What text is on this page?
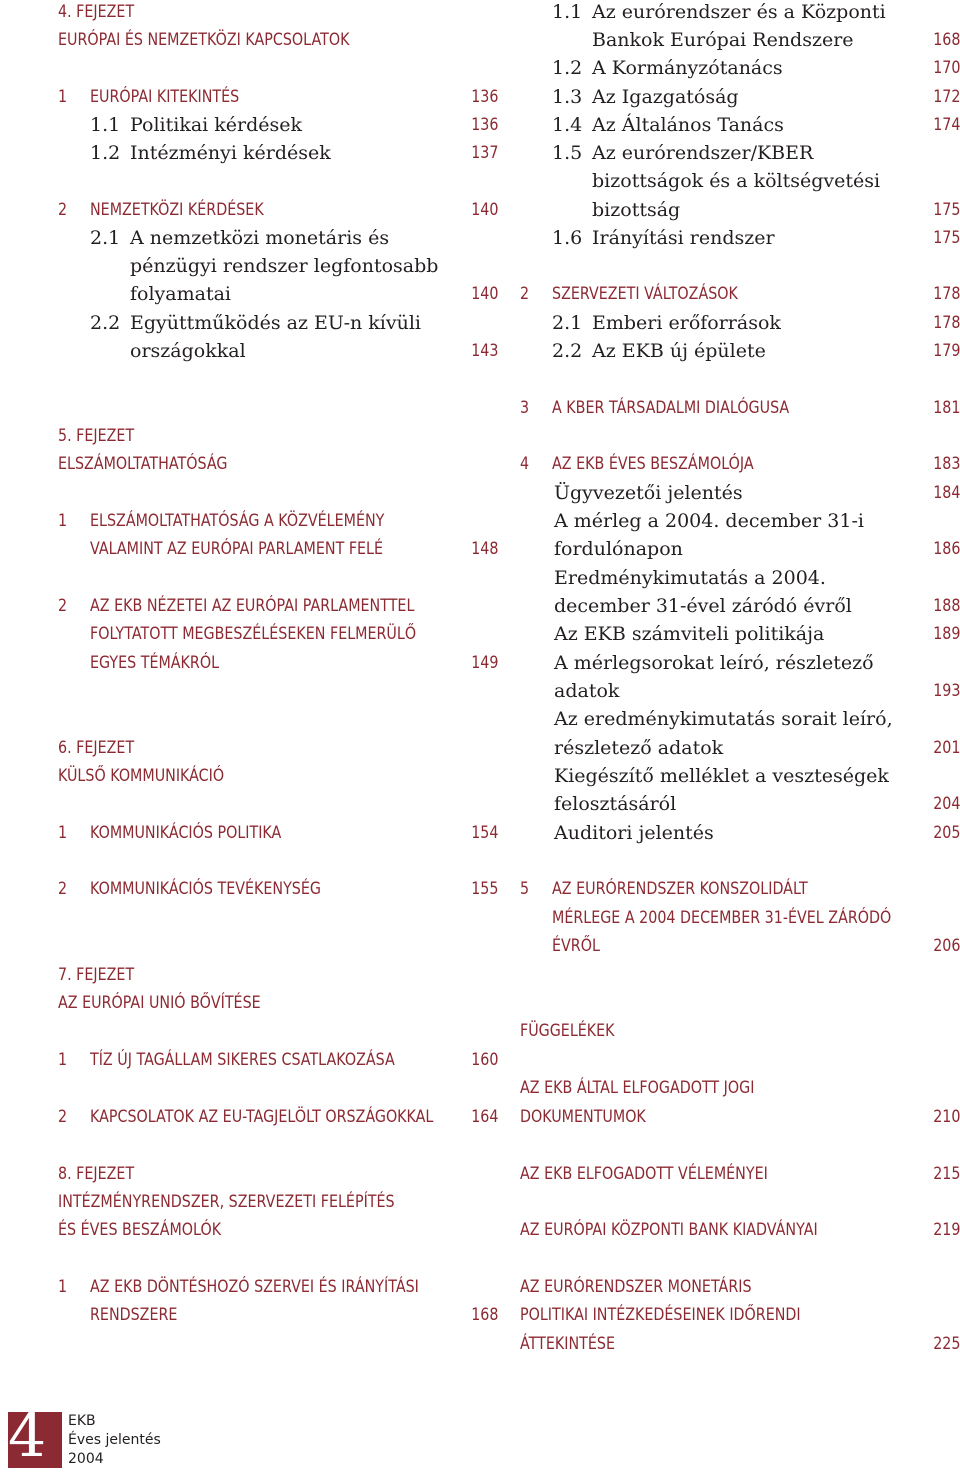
4. FEJEZET
EURÓPAI ÉS NEMZETKÖZI KAPCSOLATOK
1 EURÓPAI KITEKINTÉS	136
1.1 Politikai kérdések	136
1.2 Intézményi kérdések	137
2 NEMZETKÖZI KÉRDÉSEK	140
2.1 A nemzetközi monetáris és
pénzügyi rendszer legfontosabb
folyamatai	140
2.2 Együttműködés az EU-n kívüli
országokkal	143
5. FEJEZET
ELSZÁMOLTATHATÓSÁG
1 ELSZÁMOLTATHATÓSÁG A KÖZVÉLEMÉNY
VALAMINT AZ EURÓPAI PARLAMENT FELÉ	148
2 AZ EKB NÉZETEI AZ EURÓPAI PARLAMENTTEL
FOLYTATOTT MEGBESZÉLÉSEKEN FELMERÜLŐ
EGYES TÉMÁKRÓL	149
6. FEJEZET
KÜLSŐ KOMMUNIKÁCIÓ
1 KOMMUNIKÁCIÓS POLITIKA	154
2 KOMMUNIKÁCIÓS TEVÉKENYSÉG	155
7. FEJEZET
AZ EURÓPAI UNIÓ BŐVÍTÉSE
1 TÍZ ÚJ TAGÁLLAM SIKERES CSATLAKOZÁSA	160
2 KAPCSOLATOK AZ EU-TAGJELÖLT ORSZÁGOKKAL	164
8. FEJEZET
INTÉZMÉNYRENDSZER, SZERVEZETI FELÉPÍTÉS
ÉS ÉVES BESZÁMOLÓK
1 AZ EKB DÖNTÉSHOZÓ SZERVEI ÉS IRÁNYÍTÁSI
RENDSZERE	168
1.1 Az eurórendszer és a Központi
Bankok Európai Rendszere	168
1.2 A Kormányzótanács	170
1.3 Az Igazgatóság	172
1.4 Az Általános Tanács	174
1.5 Az eurórendszer/KBER
bizottságok és a költségvetési
bizottság	175
1.6 Irányítási rendszer	175
2 SZERVEZETI VÁLTOZÁSOK	178
2.1 Emberi erőforrások	178
2.2 Az EKB új épülete	179
3 A KBER TÁRSADALMI DIALÓGUSA	181
4 AZ EKB ÉVES BESZÁMOLÓJA	183
Ügyvezetői jelentés	184
A mérleg a 2004. december 31-i
fordulónapon	186
Eredménykimutatás a 2004.
december 31-ével záródó évről	188
Az EKB számviteli politikája	189
A mérlegsorokat leíró, részletező
adatok	193
Az eredménykimutatás sorait leíró,
részletező adatok	201
Kiegészítő melléklet a veszteségek
felosztásáról	204
Auditori jelentés	205
5 AZ EURÓRENDSZER KONSZOLIDÁLT
MÉRLEGE A 2004 DECEMBER 31-ÉVEL ZÁRÓDÓ
ÉVRŐL	206
FÜGGELÉKEK
AZ EKB ÁLTAL ELFOGADOTT JOGI
DOKUMENTUMOK	210
AZ EKB ELFOGADOTT VÉLEMÉNYEI	215
AZ EURÓPAI KÖZPONTI BANK KIADVÁNYAI	219
AZ EURÓRENDSZER MONETÁRIS
POLITIKAI INTÉZKEDÉSEINEK IDŐRENDI
ÁTTEKINTÉSE	225
4 EKB
Éves jelentés
2004
